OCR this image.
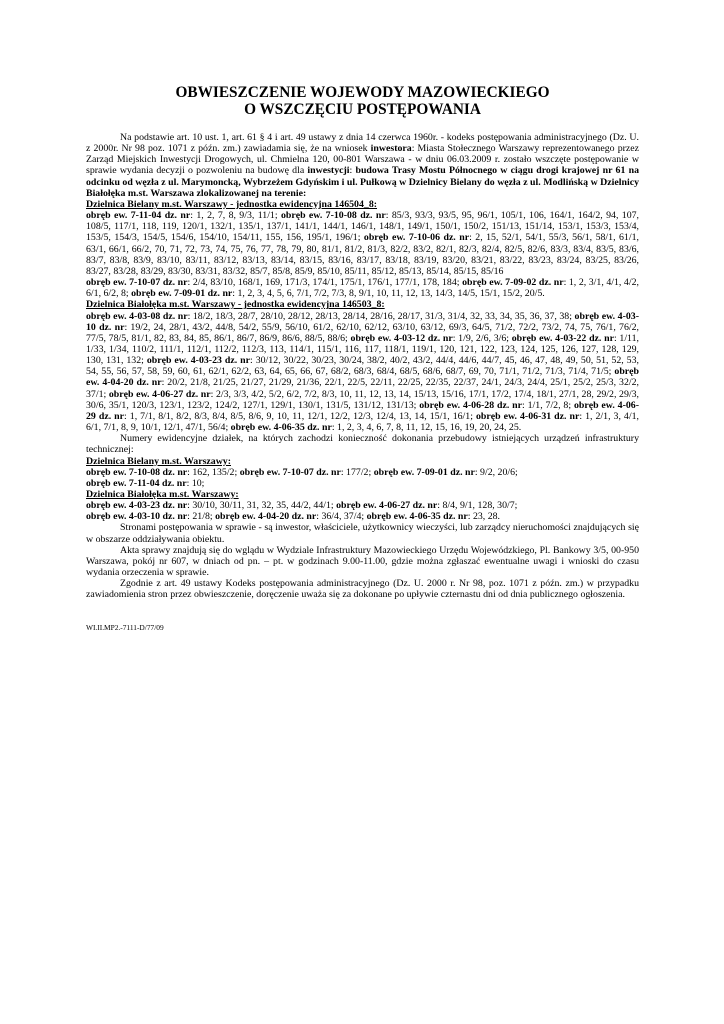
OBWIESZCZENIE WOJEWODY MAZOWIECKIEGO
O WSZCZĘCIU POSTĘPOWANIA

Na podstawie art. 10 ust. 1, art. 61 § 4 i art. 49 ustawy z dnia 14 czerwca 1960r. - kodeks postępowania administracyjnego (Dz. U. z 2000r. Nr 98 poz. 1071 z późn. zm.) zawiadamia się, że na wniosek inwestora: Miasta Stołecznego Warszawy reprezentowanego przez Zarząd Miejskich Inwestycji Drogowych, ul. Chmielna 120, 00-801 Warszawa - w dniu 06.03.2009 r. zostało wszczęte postępowanie w sprawie wydania decyzji o pozwoleniu na budowę dla inwestycji: budowa Trasy Mostu Północnego w ciągu drogi krajowej nr 61 na odcinku od węzła z ul. Marymoncką, Wybrzeżem Gdyńskim i ul. Pułkową w Dzielnicy Bielany do węzła z ul. Modlińską w Dzielnicy Białołęka m.st. Warszawa zlokalizowanej na terenie:

Dzielnica Bielany m.st. Warszawy - jednostka ewidencyjna 146504_8:

obręb ew. 7-11-04 dz. nr: 1, 2, 7, 8, 9/3, 11/1; obręb ew. 7-10-08 dz. nr: 85/3, 93/3, 93/5, 95, 96/1, 105/1, 106, 164/1, 164/2, 94, 107, 108/5, 117/1, 118, 119, 120/1, 132/1, 135/1, 137/1, 141/1, 144/1, 146/1, 148/1, 149/1, 150/1, 150/2, 151/13, 151/14, 153/1, 153/3, 153/4, 153/5, 154/3, 154/5, 154/6, 154/10, 154/11, 155, 156, 195/1, 196/1; obręb ew. 7-10-06 dz. nr: 2, 15, 52/1, 54/1, 55/3, 56/1, 58/1, 61/1, 63/1, 66/1, 66/2, 70, 71, 72, 73, 74, 75, 76, 77, 78, 79, 80, 81/1, 81/2, 81/3, 82/2, 83/2, 82/1, 82/3, 82/4, 82/5, 82/6, 83/3, 83/4, 83/5, 83/6, 83/7, 83/8, 83/9, 83/10, 83/11, 83/12, 83/13, 83/14, 83/15, 83/16, 83/17, 83/18, 83/19, 83/20, 83/21, 83/22, 83/23, 83/24, 83/25, 83/26, 83/27, 83/28, 83/29, 83/30, 83/31, 83/32, 85/7, 85/8, 85/9, 85/10, 85/11, 85/12, 85/13, 85/14, 85/15, 85/16

obręb ew. 7-10-07 dz. nr: 2/4, 83/10, 168/1, 169, 171/3, 174/1, 175/1, 176/1, 177/1, 178, 184; obręb ew. 7-09-02 dz. nr: 1, 2, 3/1, 4/1, 4/2, 6/1, 6/2, 8; obręb ew. 7-09-01 dz. nr: 1, 2, 3, 4, 5, 6, 7/1, 7/2, 7/3, 8, 9/1, 10, 11, 12, 13, 14/3, 14/5, 15/1, 15/2, 20/5.

Dzielnica Białołęka m.st. Warszawy - jednostka ewidencyjna 146503_8:

obręb ew. 4-03-08 dz. nr: 18/2, 18/3, 28/7, 28/10, 28/12, 28/13, 28/14, 28/16, 28/17, 31/3, 31/4, 32, 33, 34, 35, 36, 37, 38; obręb ew. 4-03-10 dz. nr: 19/2, 24, 28/1, 43/2, 44/8, 54/2, 55/9, 56/10, 61/2, 62/10, 62/12, 63/10, 63/12, 69/3, 64/5, 71/2, 72/2, 73/2, 74, 75, 76/1, 76/2, 77/5, 78/5, 81/1, 82, 83, 84, 85, 86/1, 86/7, 86/9, 86/6, 88/5, 88/6; obręb ew. 4-03-12 dz. nr: 1/9, 2/6, 3/6; obręb ew. 4-03-22 dz. nr: 1/11, 1/33, 1/34, 110/2, 111/1, 112/1, 112/2, 112/3, 113, 114/1, 115/1, 116, 117, 118/1, 119/1, 120, 121, 122, 123, 124, 125, 126, 127, 128, 129, 130, 131, 132; obręb ew. 4-03-23 dz. nr: 30/12, 30/22, 30/23, 30/24, 38/2, 40/2, 43/2, 44/4, 44/6, 44/7, 45, 46, 47, 48, 49, 50, 51, 52, 53, 54, 55, 56, 57, 58, 59, 60, 61, 62/1, 62/2, 63, 64, 65, 66, 67, 68/2, 68/3, 68/4, 68/5, 68/6, 68/7, 69, 70, 71/1, 71/2, 71/3, 71/4, 71/5; obręb ew. 4-04-20 dz. nr: 20/2, 21/8, 21/25, 21/27, 21/29, 21/36, 22/1, 22/5, 22/11, 22/25, 22/35, 22/37, 24/1, 24/3, 24/4, 25/1, 25/2, 25/3, 32/2, 37/1; obręb ew. 4-06-27 dz. nr: 2/3, 3/3, 4/2, 5/2, 6/2, 7/2, 8/3, 10, 11, 12, 13, 14, 15/13, 15/16, 17/1, 17/2, 17/4, 18/1, 27/1, 28, 29/2, 29/3, 30/6, 35/1, 120/3, 123/1, 123/2, 124/2, 127/1, 129/1, 130/1, 131/5, 131/12, 131/13; obręb ew. 4-06-28 dz. nr: 1/1, 7/2, 8; obręb ew. 4-06-29 dz. nr: 1, 7/1, 8/1, 8/2, 8/3, 8/4, 8/5, 8/6, 9, 10, 11, 12/1, 12/2, 12/3, 12/4, 13, 14, 15/1, 16/1; obręb ew. 4-06-31 dz. nr: 1, 2/1, 3, 4/1, 6/1, 7/1, 8, 9, 10/1, 12/1, 47/1, 56/4; obręb ew. 4-06-35 dz. nr: 1, 2, 3, 4, 6, 7, 8, 11, 12, 15, 16, 19, 20, 24, 25.

Numery ewidencyjne działek, na których zachodzi konieczność dokonania przebudowy istniejących urządzeń infrastruktury technicznej:

Dzielnica Bielany m.st. Warszawy:

obręb ew. 7-10-08 dz. nr: 162, 135/2; obręb ew. 7-10-07 dz. nr: 177/2; obręb ew. 7-09-01 dz. nr: 9/2, 20/6;

obręb ew. 7-11-04 dz. nr: 10;

Dzielnica Białołęka m.st. Warszawy:

obręb ew. 4-03-23 dz. nr: 30/10, 30/11, 31, 32, 35, 44/2, 44/1; obręb ew. 4-06-27 dz. nr: 8/4, 9/1, 128, 30/7;

obręb ew. 4-03-10 dz. nr: 21/8; obręb ew. 4-04-20 dz. nr: 36/4, 37/4; obręb ew. 4-06-35 dz. nr: 23, 28.

Stronami postępowania w sprawie - są inwestor, właściciele, użytkownicy wieczyści, lub zarządcy nieruchomości znajdujących się w obszarze oddziaływania obiektu.

Akta sprawy znajdują się do wglądu w Wydziale Infrastruktury Mazowieckiego Urzędu Wojewódzkiego, Pl. Bankowy 3/5, 00-950 Warszawa, pokój nr 607, w dniach od pn. – pt. w godzinach 9.00-11.00, gdzie można zgłaszać ewentualne uwagi i wnioski do czasu wydania orzeczenia w sprawie.

Zgodnie z art. 49 ustawy Kodeks postępowania administracyjnego (Dz. U. 2000 r. Nr 98, poz. 1071 z późn. zm.) w przypadku zawiadomienia stron przez obwieszczenie, doręczenie uważa się za dokonane po upływie czternastu dni od dnia publicznego ogłoszenia.

WI.II.MP2.-7111-D/77/09
